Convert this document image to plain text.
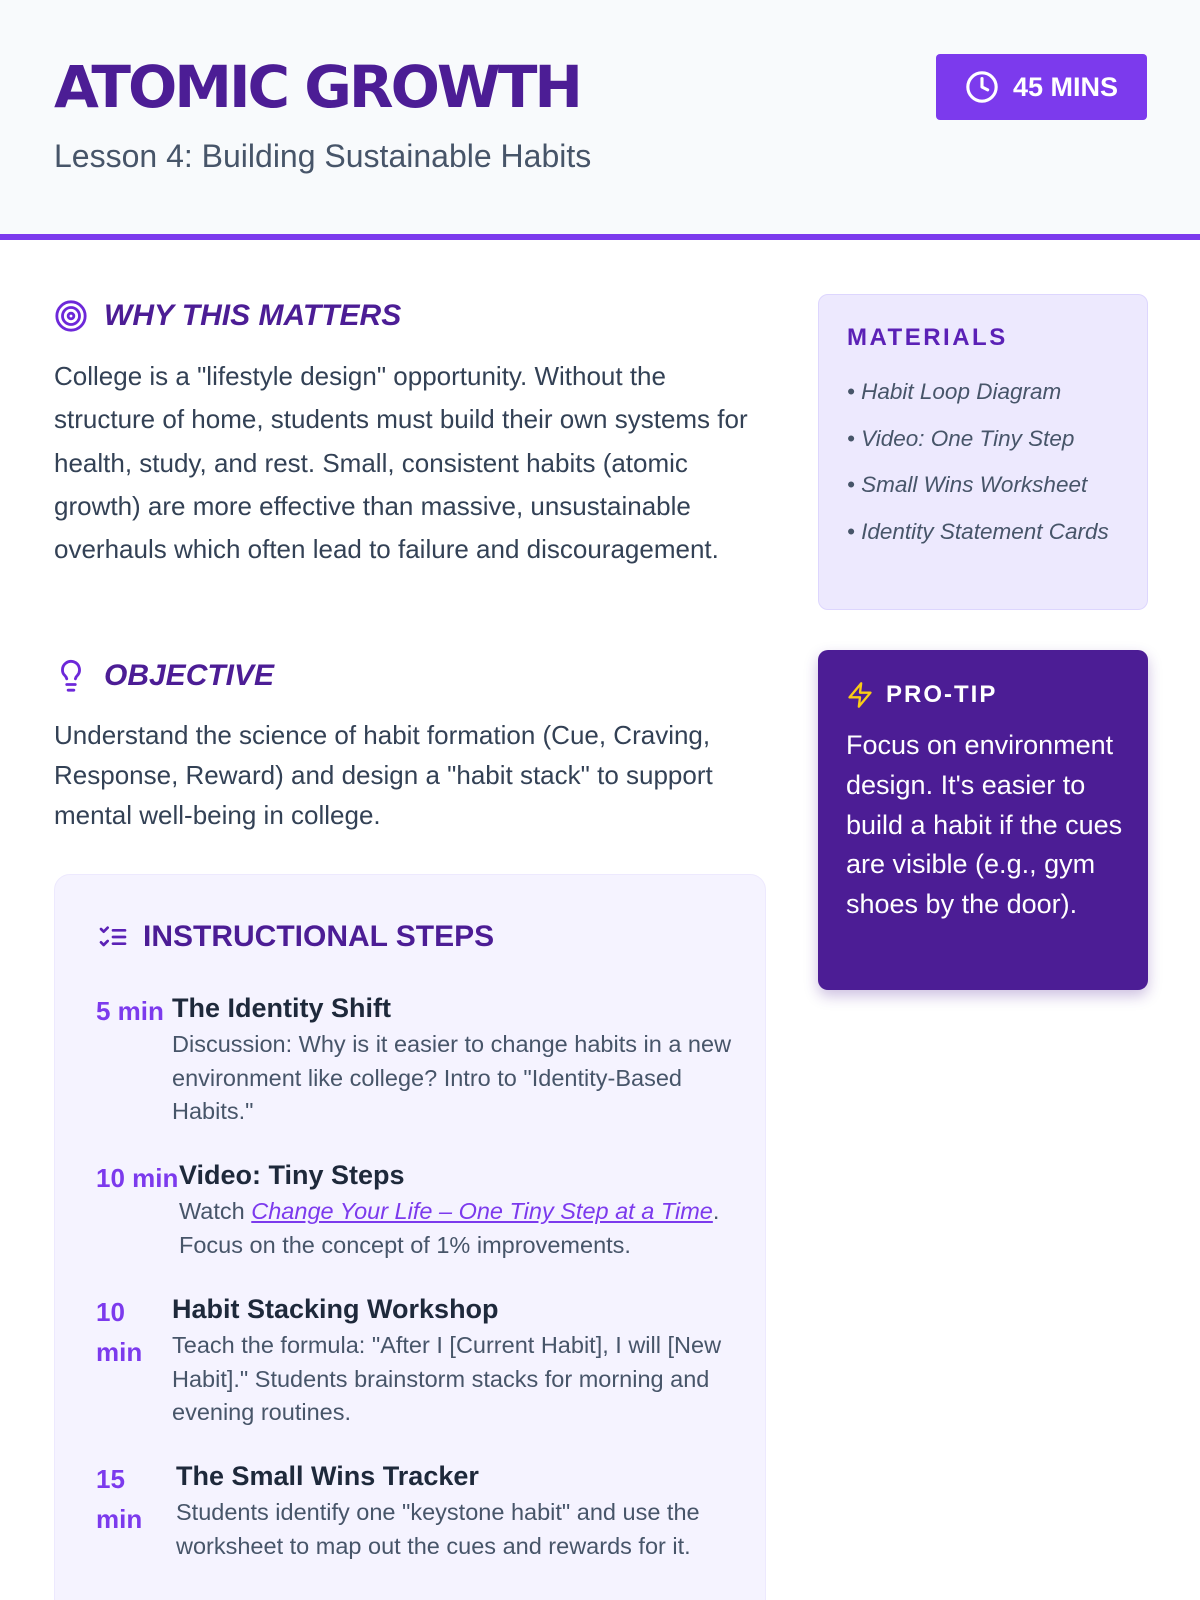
ATOMIC GROWTH
Lesson 4: Building Sustainable Habits
45 MINS
WHY THIS MATTERS

College is a "lifestyle design" opportunity. Without the structure of home, students must build their own systems for health, study, and rest. Small, consistent habits (atomic growth) are more effective than massive, unsustainable overhauls which often lead to failure and discouragement.

OBJECTIVE

Understand the science of habit formation (Cue, Craving, Response, Reward) and design a "habit stack" to support mental well-being in college.

INSTRUCTIONAL STEPS
5 min The Identity Shift
Discussion: Why is it easier to change habits in a new environment like college? Intro to "Identity-Based Habits."
10 min Video: Tiny Steps
Watch Change Your Life – One Tiny Step at a Time. Focus on the concept of 1% improvements.
10 min
Habit Stacking Workshop
Teach the formula: "After I [Current Habit], I will [New Habit]." Students brainstorm stacks for morning and evening routines.
15 min
The Small Wins Tracker
Students identify one "keystone habit" and use the worksheet to map out the cues and rewards for it.
MATERIALS
• Habit Loop Diagram
• Video: One Tiny Step
• Small Wins Worksheet
• Identity Statement Cards
PRO-TIP

Focus on environment design. It's easier to build a habit if the cues are visible (e.g., gym shoes by the door).
